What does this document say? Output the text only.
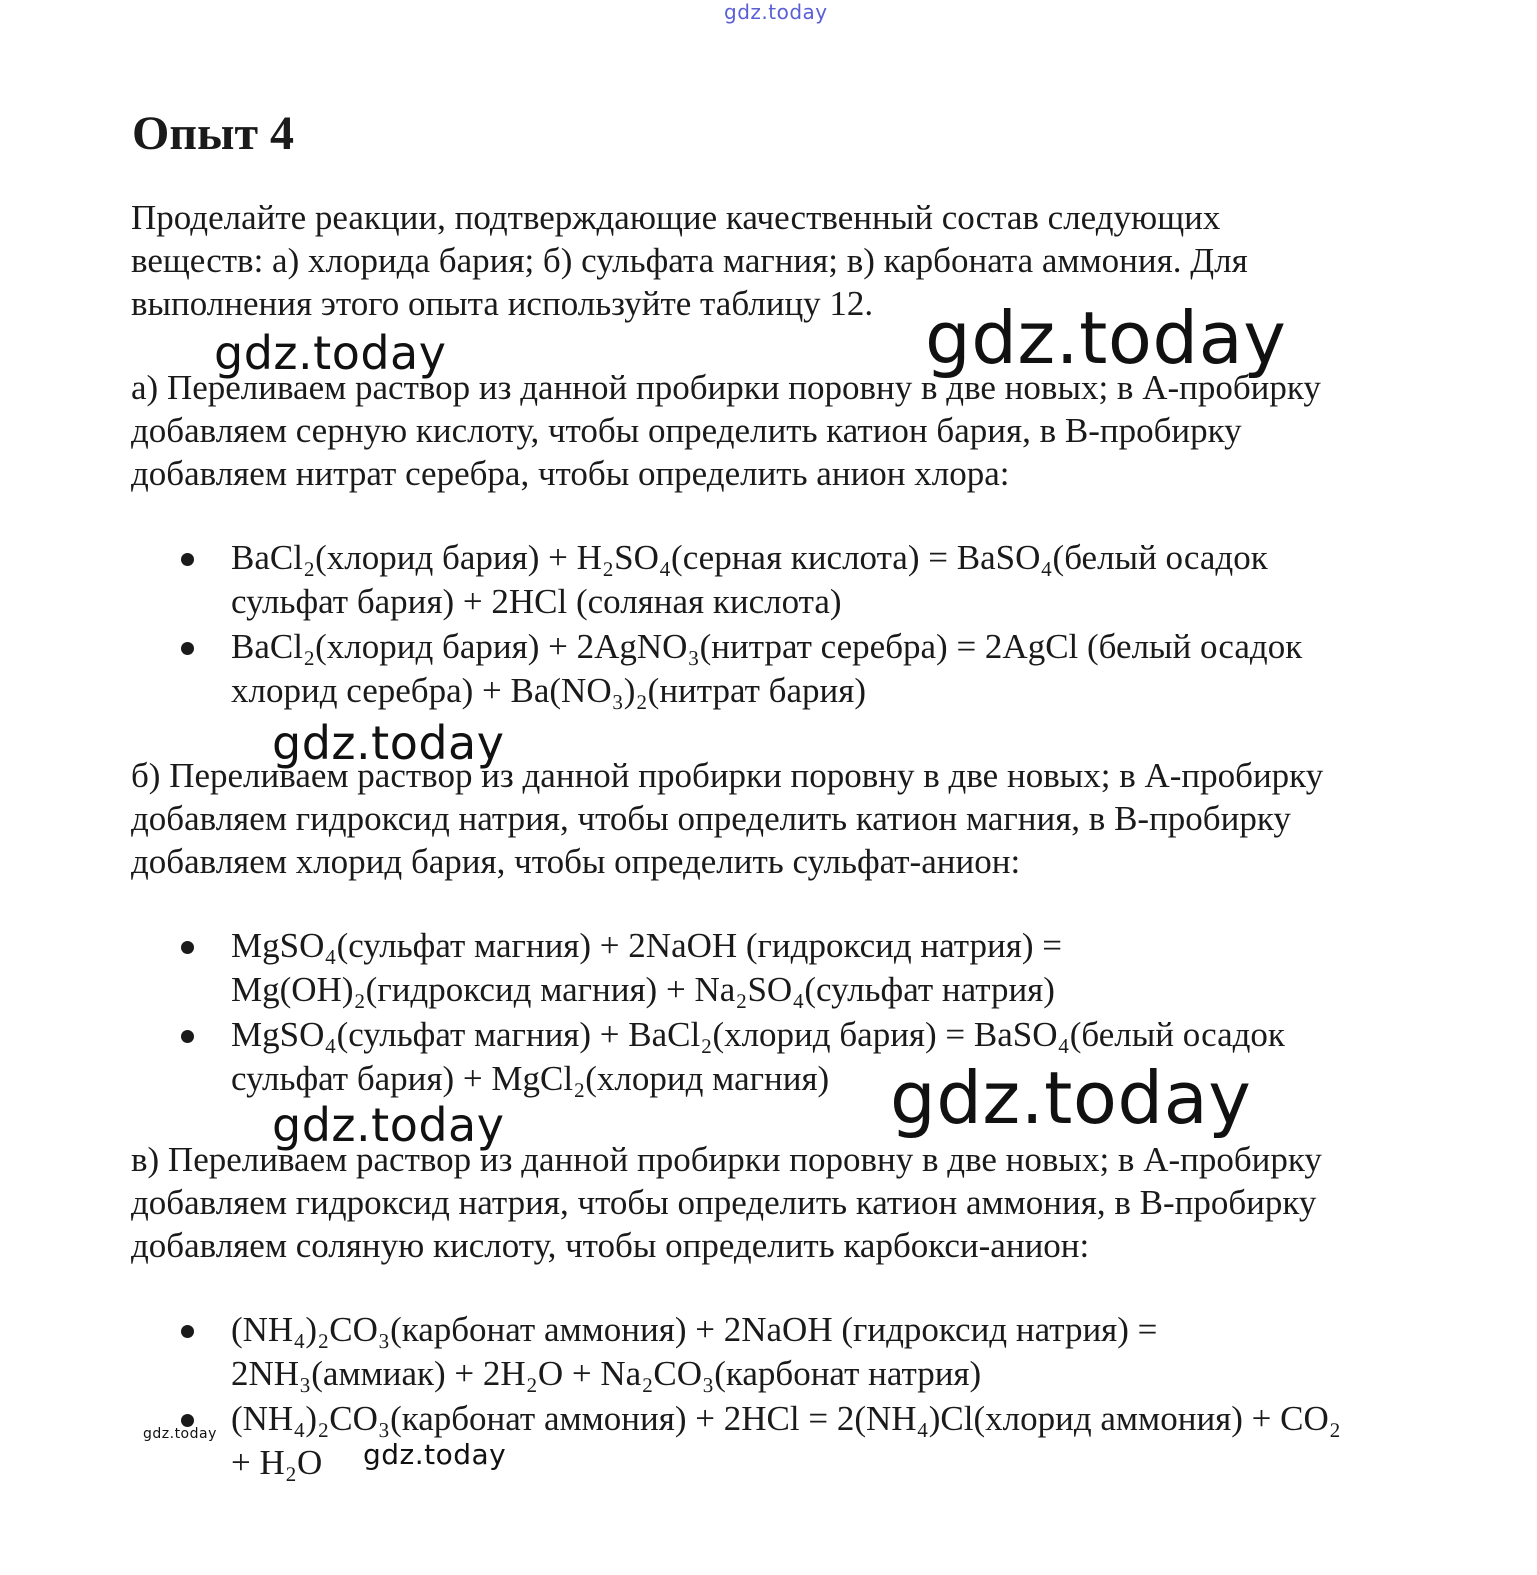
gdz.today
Опыт 4

Проделайте реакции, подтверждающие качественный состав следующих
веществ: а) хлорида бария; б) сульфата магния; в) карбоната аммония. Для
выполнения этого опыта используйте таблицу 12.

gdz.today	gdz.today

а) Переливаем раствор из данной пробирки поровну в две новых; в А-пробирку
добавляем серную кислоту, чтобы определить катион бария, в В-пробирку
добавляем нитрат серебра, чтобы определить анион хлора:

BaCl₂(хлорид бария) + H₂SO₄(серная кислота) = BaSO₄(белый осадок
сульфат бария) + 2HCl (соляная кислота)
BaCl₂(хлорид бария) + 2AgNO₃(нитрат серебра) = 2AgCl (белый осадок
хлорид серебра) + Ba(NO₃)₂(нитрат бария)
gdz.today

б) Переливаем раствор из данной пробирки поровну в две новых; в А-пробирку
добавляем гидроксид натрия, чтобы определить катион магния, в В-пробирку
добавляем хлорид бария, чтобы определить сульфат-анион:

MgSO₄(сульфат магния) + 2NaOH (гидроксид натрия) =
Mg(OH)₂(гидроксид магния) + Na₂SO₄(сульфат натрия)
MgSO₄(сульфат магния) + BaCl₂(хлорид бария) = BaSO₄(белый осадок
сульфат бария) + MgCl₂(хлорид магния) gdz.today
gdz.today

в) Переливаем раствор из данной пробирки поровну в две новых; в А-пробирку
добавляем гидроксид натрия, чтобы определить катион аммония, в В-пробирку
добавляем соляную кислоту, чтобы определить карбокси-анион:

(NH₄)₂CO₃(карбонат аммония) + 2NaOH (гидроксид натрия) =
2NH₃(аммиак) + 2H₂O + Na₂CO₃(карбонат натрия)
(NH₄)₂CO₃(карбонат аммония) + 2HCl = 2(NH₄)Cl(хлорид аммония) + CO₂
+ H₂O
gdz.today
gdz.today
